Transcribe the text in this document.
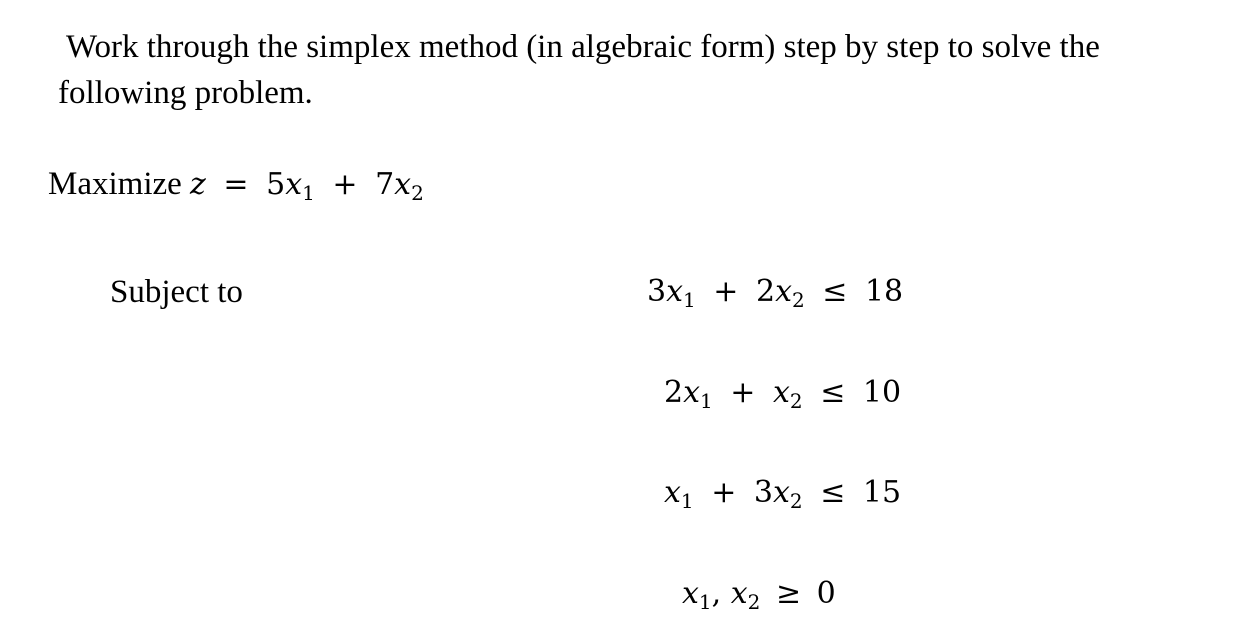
Work through the simplex method (in algebraic form) step by step to solve the following problem.

Maximize $z = 5x_1 + 7x_2$
Subject to	$3x_1 + 2x_2 \le 18$
$2x_1 + x_2 \le 10$
$x_1 + 3x_2 \le 15$
$x_1$, $x_2 \ge 0$
